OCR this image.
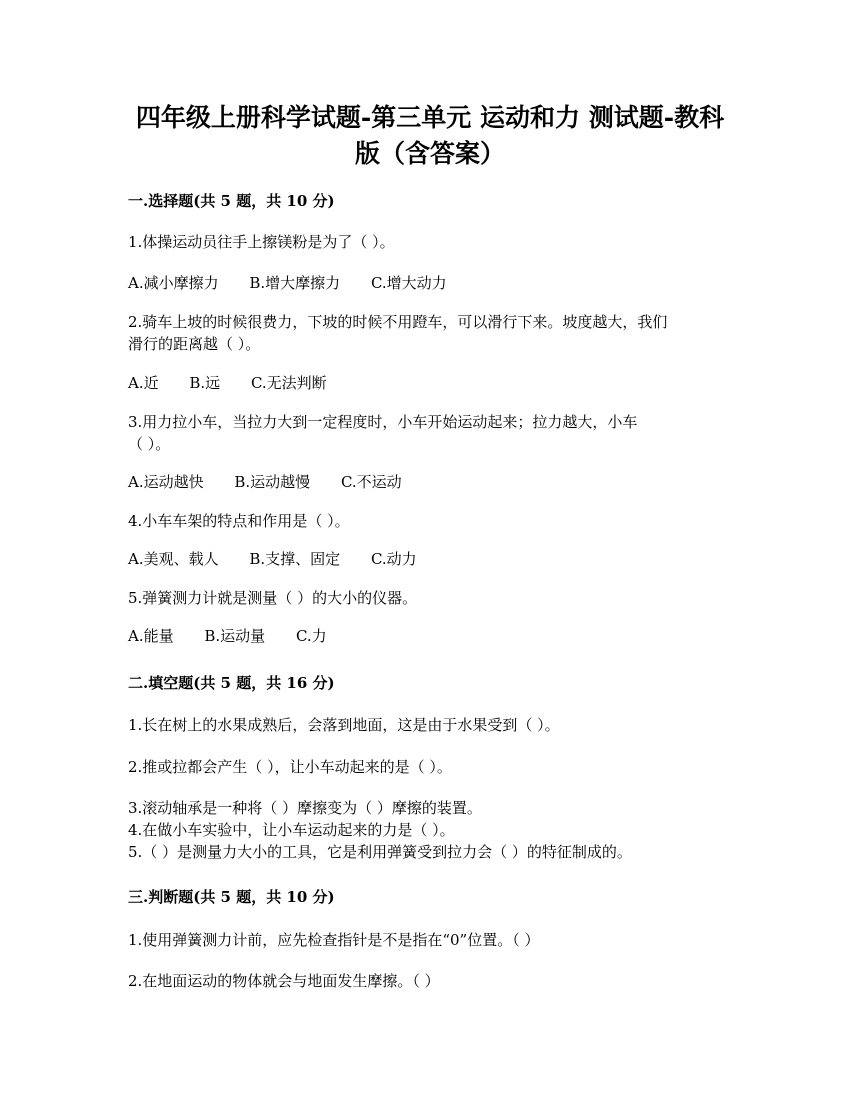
四年级上册科学试题-第三单元 运动和力 测试题-教科
版（含答案）
一.选择题(共 5 题，共 10 分)
1.体操运动员往手上擦镁粉是为了（ ）。
A.减小摩擦力 B.增大摩擦力 C.增大动力
2.骑车上坡的时候很费力，下坡的时候不用蹬车，可以滑行下来。坡度越大，我们
滑行的距离越（ ）。
A.近 B.远 C.无法判断
3.用力拉小车，当拉力大到一定程度时，小车开始运动起来；拉力越大，小车
（ ）。
A.运动越快 B.运动越慢 C.不运动
4.小车车架的特点和作用是（ ）。
A.美观、载人 B.支撑、固定 C.动力
5.弹簧测力计就是测量（ ）的大小的仪器。
A.能量 B.运动量 C.力
二.填空题(共 5 题，共 16 分)
1.长在树上的水果成熟后，会落到地面，这是由于水果受到（ ）。
2.推或拉都会产生（ ），让小车动起来的是（ ）。
3.滚动轴承是一种将（ ）摩擦变为（ ）摩擦的装置。
4.在做小车实验中，让小车运动起来的力是（ ）。
5.（ ）是测量力大小的工具，它是利用弹簧受到拉力会（ ）的特征制成的。
三.判断题(共 5 题，共 10 分)
1.使用弹簧测力计前，应先检查指针是不是指在“0”位置。（ ）
2.在地面运动的物体就会与地面发生摩擦。（ ）
